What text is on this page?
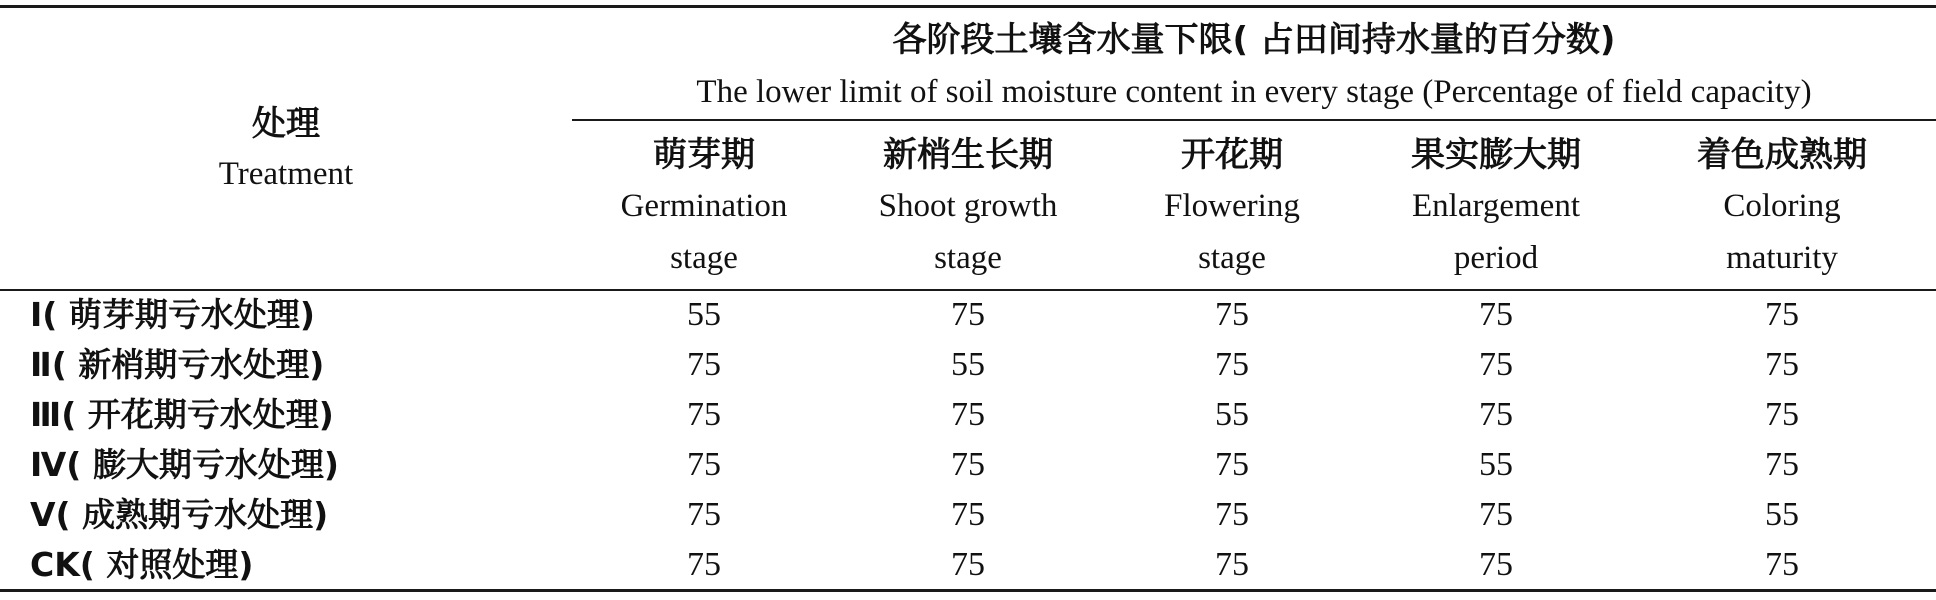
处理
Treatment
各阶段土壤含水量下限( 占田间持水量的百分数)
The lower limit of soil moisture content in every stage (Percentage of field capacity)
萌芽期
Germination
stage
新梢生长期
Shoot growth
stage
开花期
Flowering
stage
果实膨大期
Enlargement
period
着色成熟期
Coloring
maturity
Ⅰ( 萌芽期亏水处理)	55	75	75	75	75
Ⅱ( 新梢期亏水处理)	75	55	75	75	75
Ⅲ( 开花期亏水处理)	75	75	55	75	75
Ⅳ( 膨大期亏水处理)	75	75	75	55	75
Ⅴ( 成熟期亏水处理)	75	75	75	75	55
CK( 对照处理)	75	75	75	75	75
